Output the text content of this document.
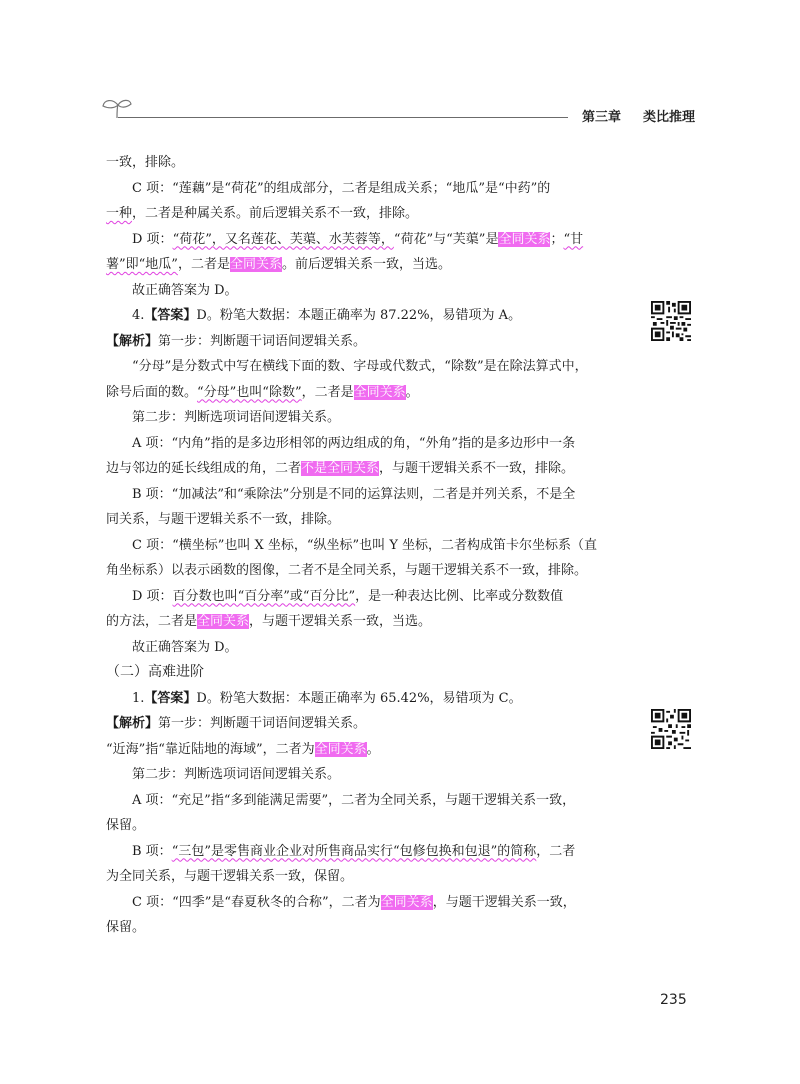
第三章 类比推理

一致，排除。

C 项：“莲藕”是“荷花”的组成部分，二者是组成关系；“地瓜”是“中药”的

一种，二者是种属关系。前后逻辑关系不一致，排除。

D 项：“荷花”，又名莲花、芙蕖、水芙蓉等，“荷花”与“芙蕖”是全同关系；“甘

薯”即“地瓜”，二者是全同关系。前后逻辑关系一致，当选。

故正确答案为 D。

4.【答案】D。粉笔大数据：本题正确率为 87.22%，易错项为 A。

【解析】第一步：判断题干词语间逻辑关系。

“分母”是分数式中写在横线下面的数、字母或代数式，“除数”是在除法算式中，

除号后面的数。“分母”也叫“除数”，二者是全同关系。

第二步：判断选项词语间逻辑关系。

A 项：“内角”指的是多边形相邻的两边组成的角，“外角”指的是多边形中一条

边与邻边的延长线组成的角，二者不是全同关系，与题干逻辑关系不一致，排除。

B 项：“加减法”和“乘除法”分别是不同的运算法则，二者是并列关系，不是全

同关系，与题干逻辑关系不一致，排除。

C 项：“横坐标”也叫 X 坐标，“纵坐标”也叫 Y 坐标，二者构成笛卡尔坐标系（直

角坐标系）以表示函数的图像，二者不是全同关系，与题干逻辑关系不一致，排除。

D 项：百分数也叫“百分率”或“百分比”，是一种表达比例、比率或分数数值

的方法，二者是全同关系，与题干逻辑关系一致，当选。

故正确答案为 D。

（二）高难进阶

1.【答案】D。粉笔大数据：本题正确率为 65.42%，易错项为 C。

【解析】第一步：判断题干词语间逻辑关系。

“近海”指“靠近陆地的海域”，二者为全同关系。

第二步：判断选项词语间逻辑关系。

A 项：“充足”指“多到能满足需要”，二者为全同关系，与题干逻辑关系一致，

保留。

B 项：“三包”是零售商业企业对所售商品实行“包修包换和包退”的简称，二者

为全同关系，与题干逻辑关系一致，保留。

C 项：“四季”是“春夏秋冬的合称”，二者为全同关系，与题干逻辑关系一致，

保留。

235
